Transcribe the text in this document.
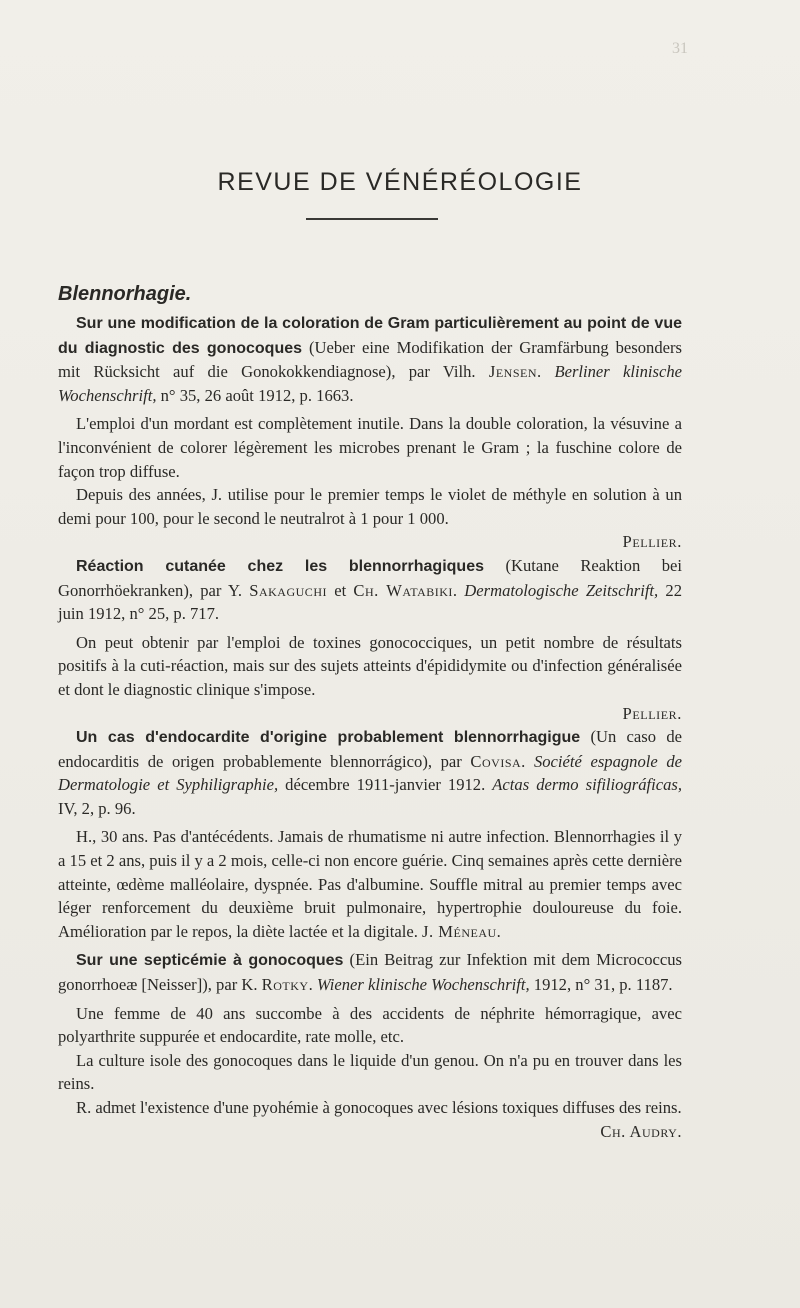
31
REVUE DE VÉNÉRÉOLOGIE
Blennorhagie.

Sur une modification de la coloration de Gram particulièrement au point de vue du diagnostic des gonocoques (Ueber eine Modifikation der Gramfärbung besonders mit Rücksicht auf die Gonokokkendiagnose), par Vilh. Jensen. Berliner klinische Wochenschrift, n° 35, 26 août 1912, p. 1663.

L'emploi d'un mordant est complètement inutile. Dans la double coloration, la vésuvine a l'inconvénient de colorer légèrement les microbes prenant le Gram ; la fuschine colore de façon trop diffuse.

Depuis des années, J. utilise pour le premier temps le violet de méthyle en solution à un demi pour 100, pour le second le neutralrot à 1 pour 1 000.

Pellier.

Réaction cutanée chez les blennorrhagiques (Kutane Reaktion bei Gonorrhöekranken), par Y. Sakaguchi et Ch. Watabiki. Dermatologische Zeitschrift, 22 juin 1912, n° 25, p. 717.

On peut obtenir par l'emploi de toxines gonococciques, un petit nombre de résultats positifs à la cuti-réaction, mais sur des sujets atteints d'épididymite ou d'infection généralisée et dont le diagnostic clinique s'impose.

Pellier.

Un cas d'endocardite d'origine probablement blennorrhagigue (Un caso de endocarditis de origen probablemente blennorrágico), par Covisa. Société espagnole de Dermatologie et Syphiligraphie, décembre 1911-janvier 1912. Actas dermo sifiliográficas, IV, 2, p. 96.

H., 30 ans. Pas d'antécédents. Jamais de rhumatisme ni autre infection. Blennorrhagies il y a 15 et 2 ans, puis il y a 2 mois, celle-ci non encore guérie. Cinq semaines après cette dernière atteinte, œdème malléolaire, dyspnée. Pas d'albumine. Souffle mitral au premier temps avec léger renforcement du deuxième bruit pulmonaire, hypertrophie douloureuse du foie. Amélioration par le repos, la diète lactée et la digitale. J. Méneau.

Sur une septicémie à gonocoques (Ein Beitrag zur Infektion mit dem Micrococcus gonorrhoeæ [Neisser]), par K. Rotky. Wiener klinische Wochenschrift, 1912, n° 31, p. 1187.

Une femme de 40 ans succombe à des accidents de néphrite hémorragique, avec polyarthrite suppurée et endocardite, rate molle, etc.

La culture isole des gonocoques dans le liquide d'un genou. On n'a pu en trouver dans les reins.

R. admet l'existence d'une pyohémie à gonocoques avec lésions toxiques diffuses des reins.
Ch. Audry.
